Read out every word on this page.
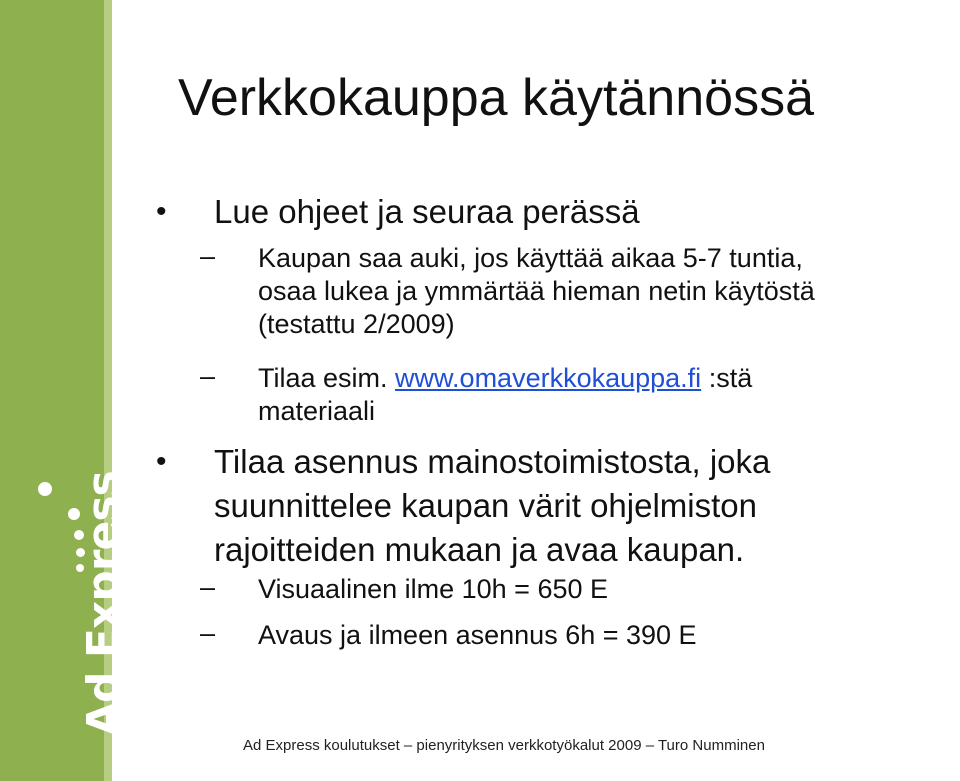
Ad Express
Verkkokauppa käytännössä
• Lue ohjeet ja seuraa perässä
– Kaupan saa auki, jos käyttää aikaa 5-7 tuntia,
osaa lukea ja ymmärtää hieman netin käytöstä
(testattu 2/2009)
– Tilaa esim. www.omaverkkokauppa.fi :stä
materiaali
• Tilaa asennus mainostoimistosta, joka
suunnittelee kaupan värit ohjelmiston
rajoitteiden mukaan ja avaa kaupan.
– Visuaalinen ilme 10h = 650 E
– Avaus ja ilmeen asennus 6h = 390 E
Ad Express koulutukset – pienyrityksen verkkotyökalut 2009 – Turo Numminen
